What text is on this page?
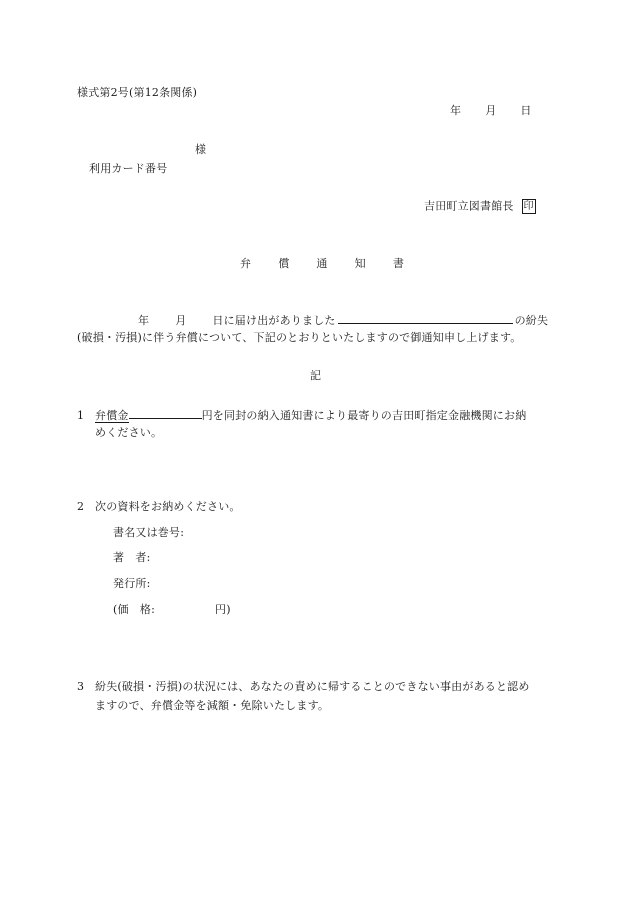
様式第2号(第12条関係)
年 月 日
様
利用カード番号
吉田町立図書館長 印
弁 償 通 知 書
年 月 日に届け出がありました	の紛失
(破損・汚損)に伴う弁償について、下記のとおりといたしますので御通知申し上げます。
記
1 弁償金	円を同封の納入通知書により最寄りの吉田町指定金融機関にお納
めください。
2 次の資料をお納めください。
書名又は巻号:
著　者:
発行所:
(価　格:	円)
3 紛失(破損・汚損)の状況には、あなたの責めに帰することのできない事由があると認め
ますので、弁償金等を減額・免除いたします。
